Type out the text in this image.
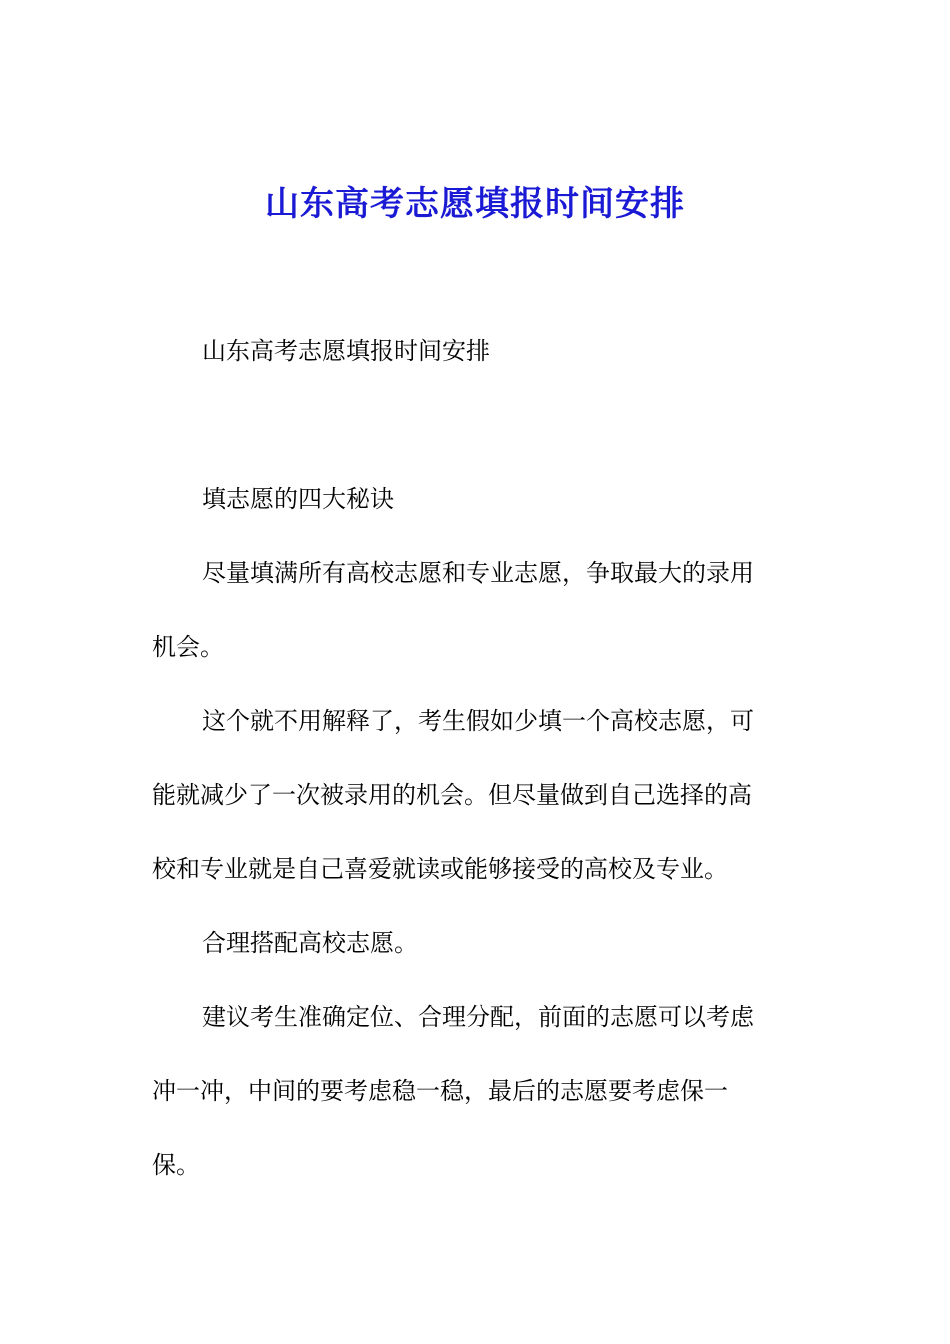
山东高考志愿填报时间安排

山东高考志愿填报时间安排

填志愿的四大秘诀

尽量填满所有高校志愿和专业志愿，争取最大的录用
机会。

这个就不用解释了，考生假如少填一个高校志愿，可
能就减少了一次被录用的机会。但尽量做到自己选择的高
校和专业就是自己喜爱就读或能够接受的高校及专业。

合理搭配高校志愿。

建议考生准确定位、合理分配，前面的志愿可以考虑
冲一冲，中间的要考虑稳一稳，最后的志愿要考虑保一
保。
